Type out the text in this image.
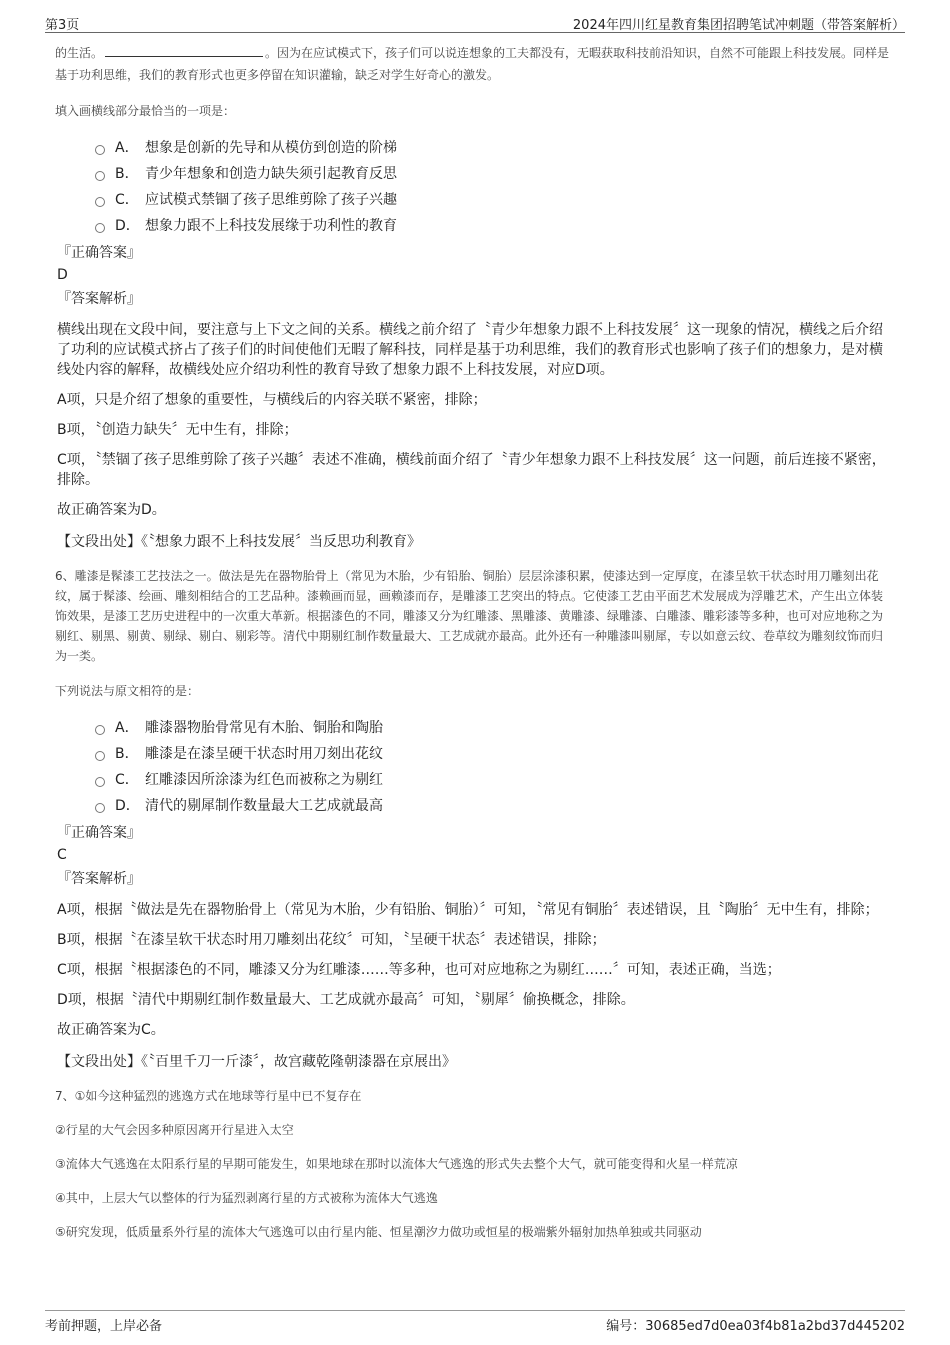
第3页	2024年四川红星教育集团招聘笔试冲刺题（带答案解析）

的生活。	。因为在应试模式下，孩子们可以说连想象的工夫都没有，无暇获取科技前沿知识，自然不可能跟上科技发展。同样是基于功利思维，我们的教育形式也更多停留在知识灌输，缺乏对学生好奇心的激发。

填入画横线部分最恰当的一项是：

A． 想象是创新的先导和从模仿到创造的阶梯
B． 青少年想象和创造力缺失须引起教育反思
C． 应试模式禁锢了孩子思维剪除了孩子兴趣
D． 想象力跟不上科技发展缘于功利性的教育

『正确答案』

D

『答案解析』

横线出现在文段中间，要注意与上下文之间的关系。横线之前介绍了〝青少年想象力跟不上科技发展〞这一现象的情况，横线之后介绍了功利的应试模式挤占了孩子们的时间使他们无暇了解科技，同样是基于功利思维，我们的教育形式也影响了孩子们的想象力，是对横线处内容的解释，故横线处应介绍功利性的教育导致了想象力跟不上科技发展，对应D项。

A项，只是介绍了想象的重要性，与横线后的内容关联不紧密，排除；

B项，〝创造力缺失〞无中生有，排除；

C项，〝禁锢了孩子思维剪除了孩子兴趣〞表述不准确，横线前面介绍了〝青少年想象力跟不上科技发展〞这一问题，前后连接不紧密，排除。

故正确答案为D。

【文段出处】《〝想象力跟不上科技发展〞当反思功利教育》

6、雕漆是髹漆工艺技法之一。做法是先在器物胎骨上（常见为木胎，少有铅胎、铜胎）层层涂漆积累，使漆达到一定厚度，在漆呈软干状态时用刀雕刻出花纹，属于髹漆、绘画、雕刻相结合的工艺品种。漆赖画而显，画赖漆而存，是雕漆工艺突出的特点。它使漆工艺由平面艺术发展成为浮雕艺术，产生出立体装饰效果，是漆工艺历史进程中的一次重大革新。根据漆色的不同，雕漆又分为红雕漆、黑雕漆、黄雕漆、绿雕漆、白雕漆、雕彩漆等多种，也可对应地称之为剔红、剔黑、剔黄、剔绿、剔白、剔彩等。清代中期剔红制作数量最大、工艺成就亦最高。此外还有一种雕漆叫剔犀，专以如意云纹、卷草纹为雕刻纹饰而归为一类。

下列说法与原文相符的是：

A． 雕漆器物胎骨常见有木胎、铜胎和陶胎
B． 雕漆是在漆呈硬干状态时用刀刻出花纹
C． 红雕漆因所涂漆为红色而被称之为剔红
D． 清代的剔犀制作数量最大工艺成就最高

『正确答案』

C

『答案解析』

A项，根据〝做法是先在器物胎骨上（常见为木胎，少有铅胎、铜胎）〞可知，〝常见有铜胎〞表述错误，且〝陶胎〞无中生有，排除；

B项，根据〝在漆呈软干状态时用刀雕刻出花纹〞可知，〝呈硬干状态〞表述错误，排除；

C项，根据〝根据漆色的不同，雕漆又分为红雕漆……等多种，也可对应地称之为剔红……〞可知，表述正确，当选；

D项，根据〝清代中期剔红制作数量最大、工艺成就亦最高〞可知，〝剔犀〞偷换概念，排除。

故正确答案为C。

【文段出处】《〝百里千刀一斤漆〞，故宫藏乾隆朝漆器在京展出》

7、①如今这种猛烈的逃逸方式在地球等行星中已不复存在

②行星的大气会因多种原因离开行星进入太空

③流体大气逃逸在太阳系行星的早期可能发生，如果地球在那时以流体大气逃逸的形式失去整个大气，就可能变得和火星一样荒凉

④其中，上层大气以整体的行为猛烈剥离行星的方式被称为流体大气逃逸

⑤研究发现，低质量系外行星的流体大气逃逸可以由行星内能、恒星潮汐力做功或恒星的极端紫外辐射加热单独或共同驱动

考前押题，上岸必备	编号：30685ed7d0ea03f4b81a2bd37d445202
